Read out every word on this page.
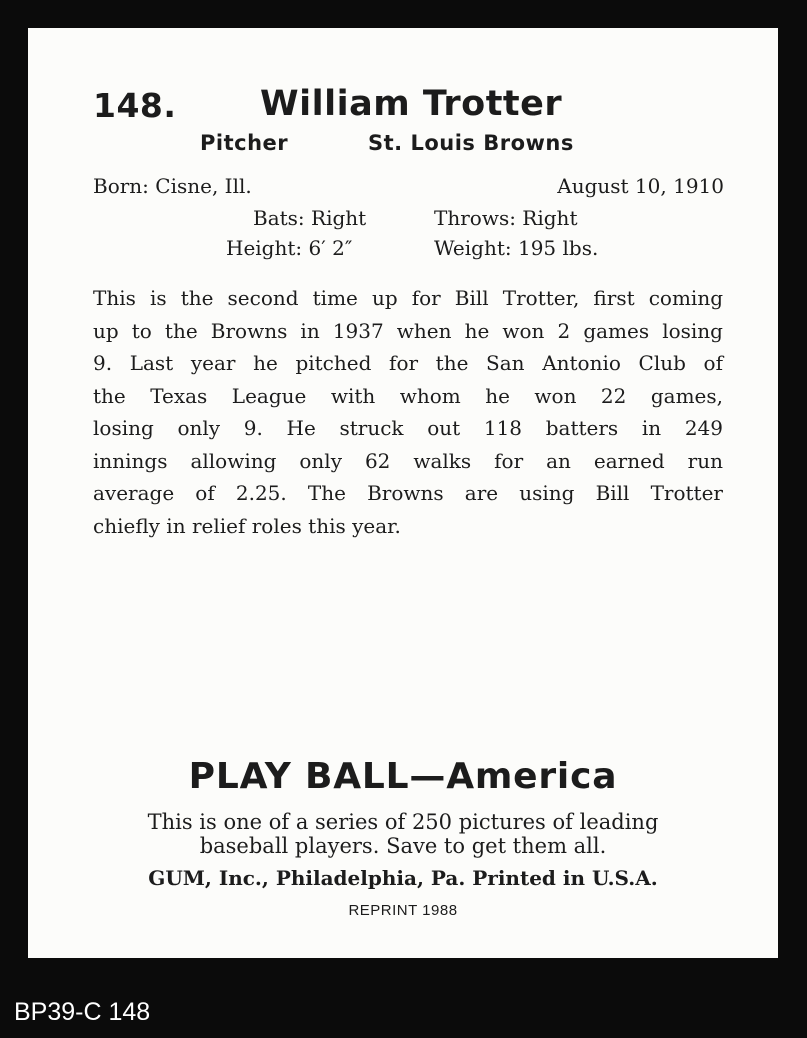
148. William Trotter
Pitcher	St. Louis Browns
Born: Cisne, Ill.	August 10, 1910
Bats: Right	Throws: Right
Height: 6′ 2″	Weight: 195 lbs.
This is the second time up for Bill Trotter, first coming
up to the Browns in 1937 when he won 2 games losing
9. Last year he pitched for the San Antonio Club of
the Texas League with whom he won 22 games,
losing only 9. He struck out 118 batters in 249
innings allowing only 62 walks for an earned run
average of 2.25. The Browns are using Bill Trotter
chiefly in relief roles this year.
PLAY BALL—America
This is one of a series of 250 pictures of leading
baseball players. Save to get them all.
GUM, Inc., Philadelphia, Pa. Printed in U.S.A.
REPRINT 1988
BP39-C 148
